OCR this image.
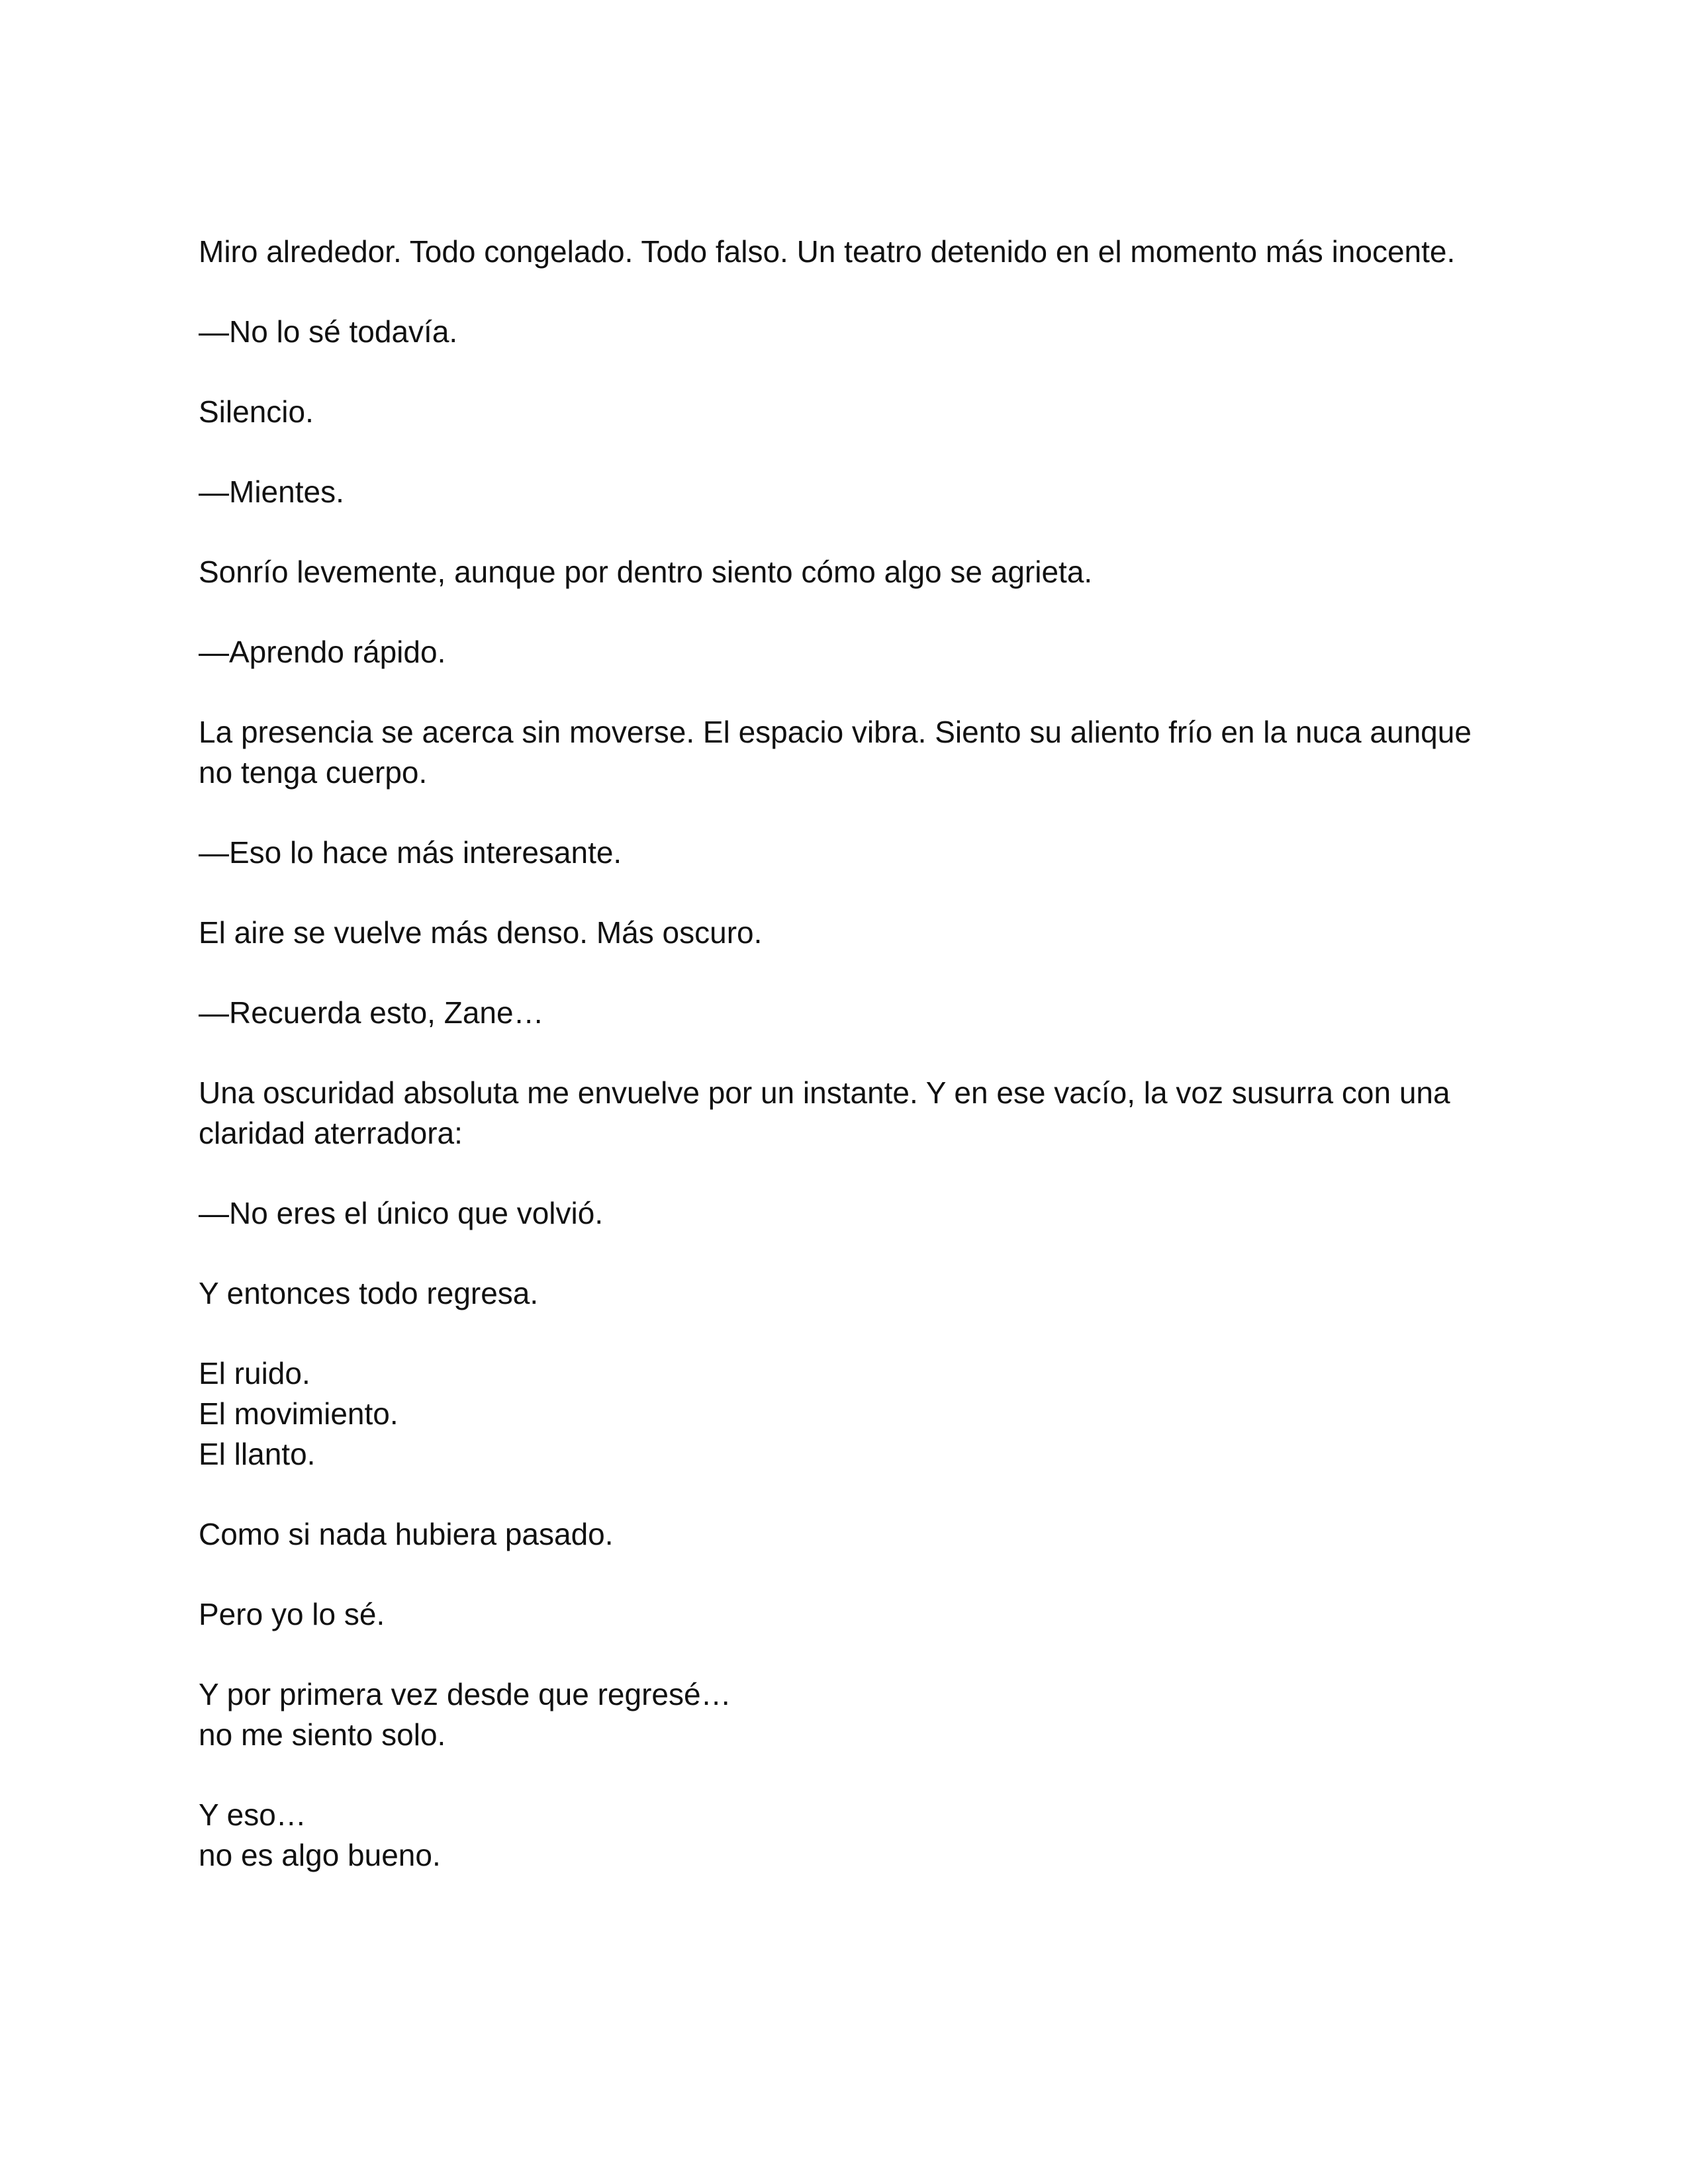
Miro alrededor. Todo congelado. Todo falso. Un teatro detenido en el momento más inocente.

—No lo sé todavía.

Silencio.

—Mientes.

Sonrío levemente, aunque por dentro siento cómo algo se agrieta.

—Aprendo rápido.

La presencia se acerca sin moverse. El espacio vibra. Siento su aliento frío en la nuca aunque no tenga cuerpo.

—Eso lo hace más interesante.

El aire se vuelve más denso. Más oscuro.

—Recuerda esto, Zane…

Una oscuridad absoluta me envuelve por un instante. Y en ese vacío, la voz susurra con una claridad aterradora:

—No eres el único que volvió.

Y entonces todo regresa.

El ruido.
El movimiento.
El llanto.

Como si nada hubiera pasado.

Pero yo lo sé.

Y por primera vez desde que regresé…
no me siento solo.

Y eso…
no es algo bueno.
